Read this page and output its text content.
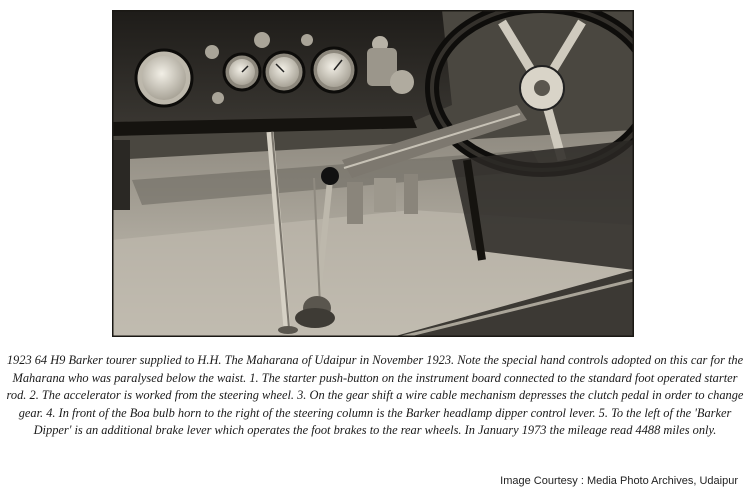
1923 64 H9 Barker tourer supplied to H.H. The Maharana of Udaipur in November 1923. Note the special hand controls adopted on this car for the Maharana who was paralysed below the waist. 1. The starter push-button on the instrument board connected to the standard foot operated starter rod. 2. The accelerator is worked from the steering wheel. 3. On the gear shift a wire cable mechanism depresses the clutch pedal in order to change gear. 4. In front of the Boa bulb horn to the right of the steering column is the Barker headlamp dipper control lever. 5. To the left of the 'Barker Dipper' is an additional brake lever which operates the foot brakes to the rear wheels. In January 1973 the mileage read 4488 miles only.

Image Courtesy : Media Photo Archives, Udaipur
